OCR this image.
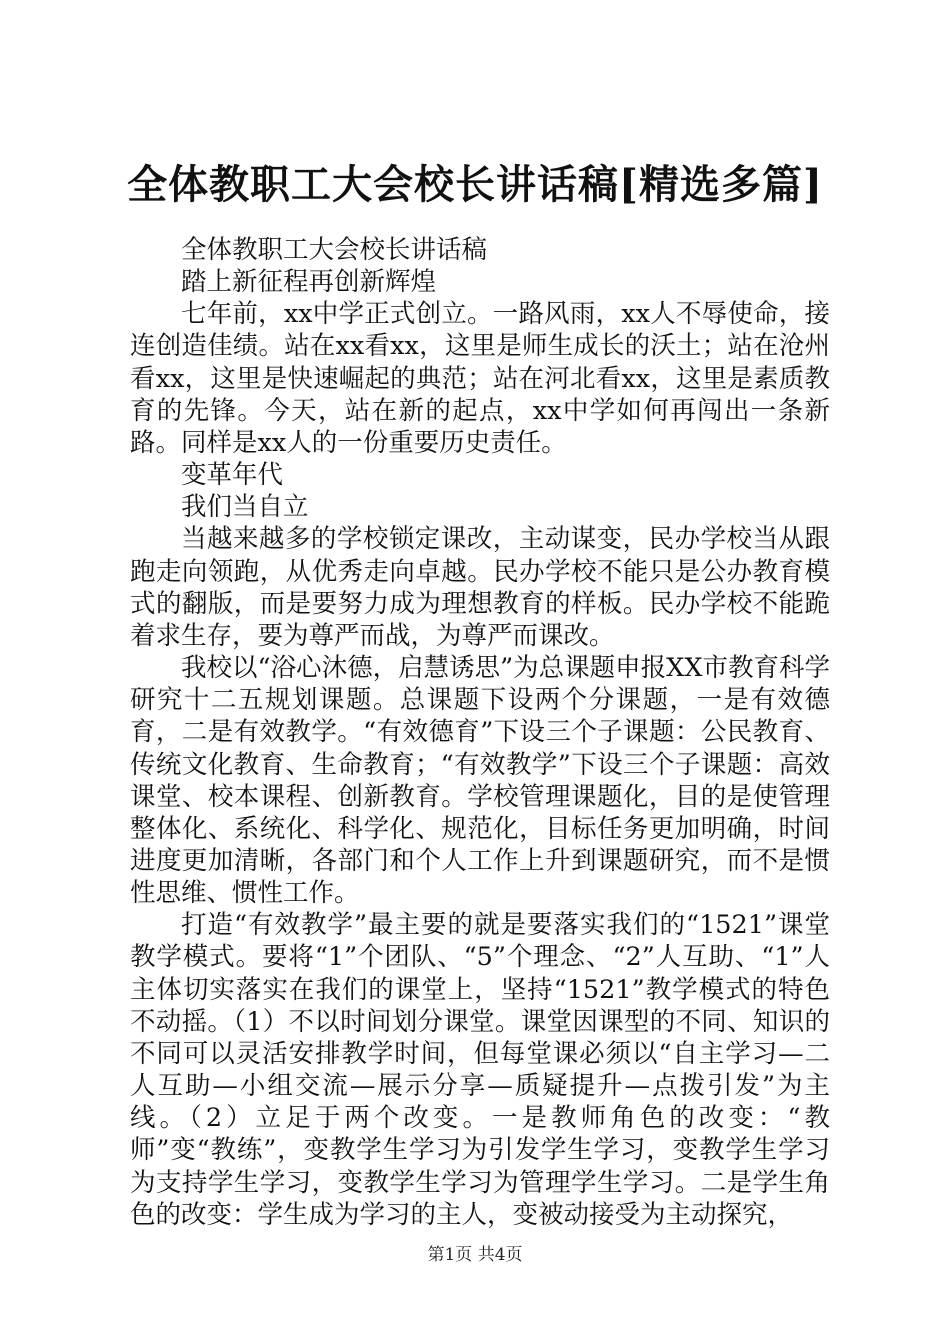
全体教职工大会校长讲话稿[精选多篇]

全体教职工大会校长讲话稿

踏上新征程再创新辉煌

七年前，xx中学正式创立。一路风雨，xx人不辱使命，接连创造佳绩。站在xx看xx，这里是师生成长的沃土；站在沧州看xx，这里是快速崛起的典范；站在河北看xx，这里是素质教育的先锋。今天，站在新的起点，xx中学如何再闯出一条新路。同样是xx人的一份重要历史责任。

变革年代

我们当自立

当越来越多的学校锁定课改，主动谋变，民办学校当从跟跑走向领跑，从优秀走向卓越。民办学校不能只是公办教育模式的翻版，而是要努力成为理想教育的样板。民办学校不能跪着求生存，要为尊严而战，为尊严而课改。

我校以“浴心沐德，启慧诱思”为总课题申报XX市教育科学研究十二五规划课题。总课题下设两个分课题，一是有效德育，二是有效教学。“有效德育”下设三个子课题：公民教育、传统文化教育、生命教育；“有效教学”下设三个子课题：高效课堂、校本课程、创新教育。学校管理课题化，目的是使管理整体化、系统化、科学化、规范化，目标任务更加明确，时间进度更加清晰，各部门和个人工作上升到课题研究，而不是惯性思维、惯性工作。

打造“有效教学”最主要的就是要落实我们的“1521”课堂教学模式。要将“1”个团队、“5”个理念、“2”人互助、“1”人主体切实落实在我们的课堂上，坚持“1521”教学模式的特色不动摇。（1）不以时间划分课堂。课堂因课型的不同、知识的不同可以灵活安排教学时间，但每堂课必须以“自主学习—二人互助—小组交流—展示分享—质疑提升—点拨引发”为主线。（2）立足于两个改变。一是教师角色的改变：“教师”变“教练”，变教学生学习为引发学生学习，变教学生学习为支持学生学习，变教学生学习为管理学生学习。二是学生角色的改变：学生成为学习的主人，变被动接受为主动探究，

第1页 共4页
